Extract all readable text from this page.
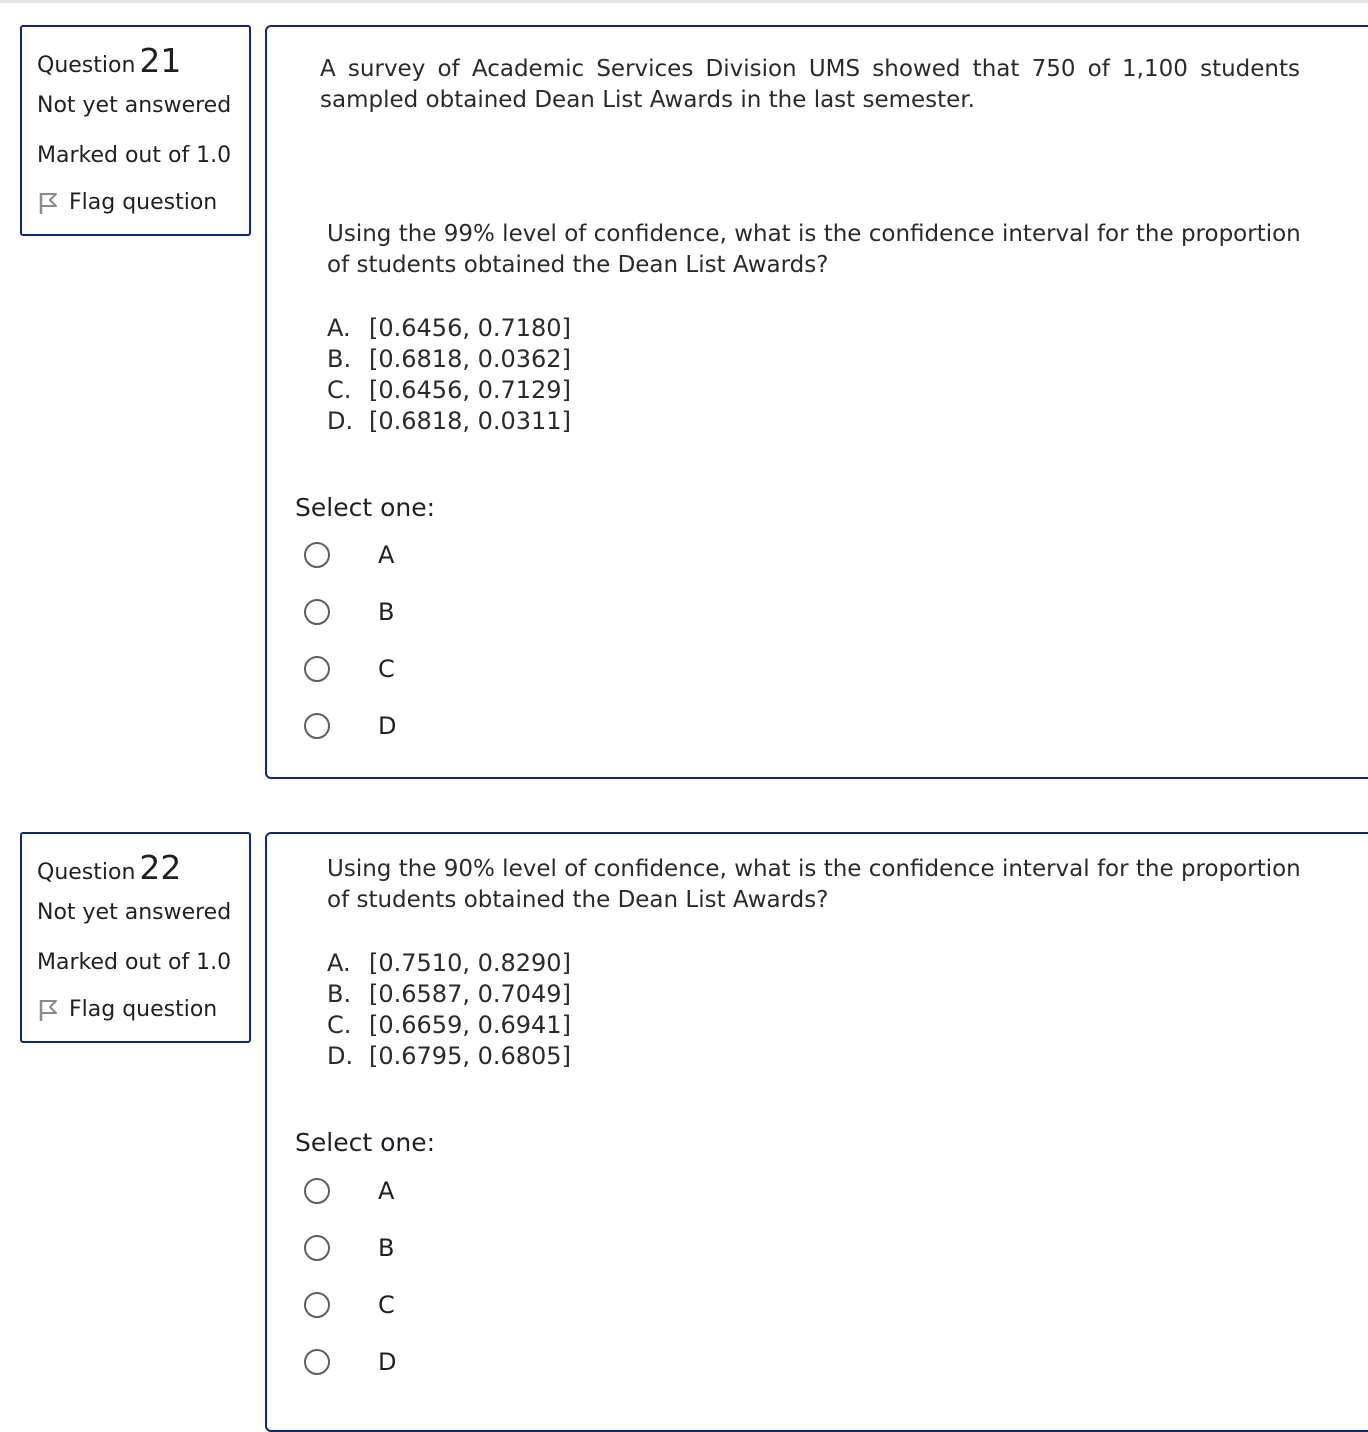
Question 21
Not yet answered
Marked out of 1.0
Flag question
A survey of Academic Services Division UMS showed that 750 of 1,100 students sampled obtained Dean List Awards in the last semester.
Using the 99% level of confidence, what is the confidence interval for the proportion of students obtained the Dean List Awards?
A. [0.6456, 0.7180]
B. [0.6818, 0.0362]
C. [0.6456, 0.7129]
D. [0.6818, 0.0311]
Select one:
A
B
C
D
Question 22
Not yet answered
Marked out of 1.0
Flag question
Using the 90% level of confidence, what is the confidence interval for the proportion of students obtained the Dean List Awards?
A. [0.7510, 0.8290]
B. [0.6587, 0.7049]
C. [0.6659, 0.6941]
D. [0.6795, 0.6805]
Select one:
A
B
C
D
